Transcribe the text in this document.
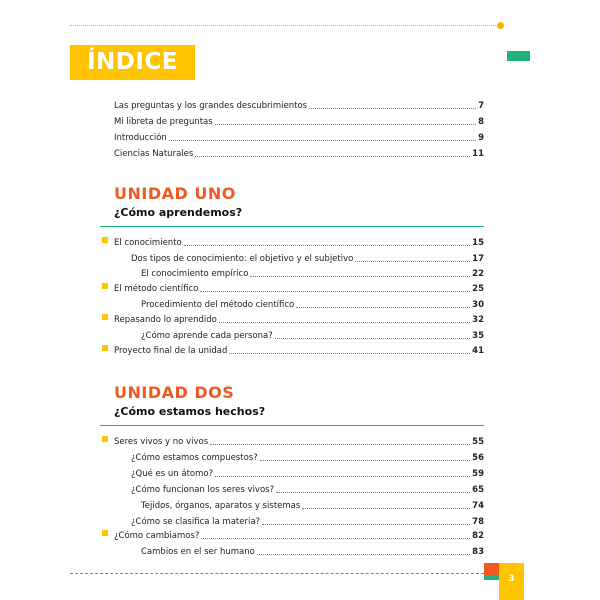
ÍNDICE
Las preguntas y los grandes descubrimientos	7
Mi libreta de preguntas	8
Introducción	9
Ciencias Naturales	11
UNIDAD UNO
¿Cómo aprendemos?
El conocimiento	15
Dos tipos de conocimiento: el objetivo y el subjetivo	17
El conocimiento empírico	22
El método científico	25
Procedimiento del método científico	30
Repasando lo aprendido	32
¿Cómo aprende cada persona?	35
Proyecto final de la unidad	41
UNIDAD DOS
¿Cómo estamos hechos?
Seres vivos y no vivos	55
¿Cómo estamos compuestos?	56
¿Qué es un átomo?	59
¿Cómo funcionan los seres vivos?	65
Tejidos, órganos, aparatos y sistemas	74
¿Cómo se clasifica la materia?	78
¿Cómo cambiamos?	82
Cambios en el ser humano	83
3
